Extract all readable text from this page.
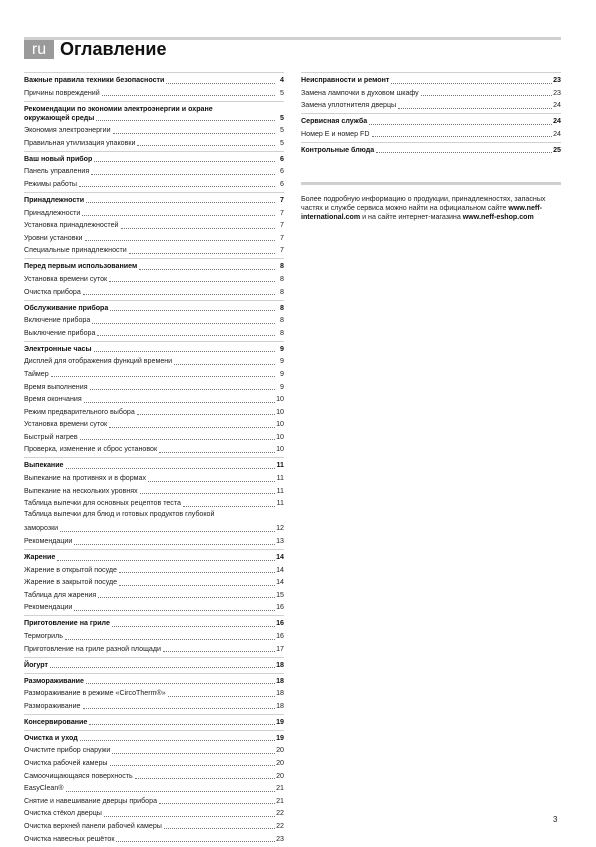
ru Оглавление
Важные правила техники безопасности	4
Причины повреждений	5
Рекомендации по экономии электроэнергии и охране
окружающей среды	5
Экономия электроэнергии	5
Правильная утилизация упаковки	5
Ваш новый прибор	6
Панель управления	6
Режимы работы	6
Принадлежности	7
Принадлежности	7
Установка принадлежностей	7
Уровни установки	7
Специальные принадлежности	7
Перед первым использованием	8
Установка времени суток	8
Очистка прибора	8
Обслуживание прибора	8
Включение прибора	8
Выключение прибора	8
Электронные часы	9
Дисплей для отображения функций времени	9
Таймер	9
Время выполнения	9
Время окончания	10
Режим предварительного выбора	10
Установка времени суток	10
Быстрый нагрев	10
Проверка, изменение и сброс установок	10
Выпекание	11
Выпекание на противнях и в формах	11
Выпекание на нескольких уровнях	11
Таблица выпечки для основных рецептов теста	11
Таблица выпечки для блюд и готовых продуктов глубокой
заморозки	12
Рекомендации	13
Жарение	14
Жарение в открытой посуде	14
Жарение в закрытой посуде	14
Таблица для жарения	15
Рекомендации	16
Приготовление на гриле	16
Термогриль	16
Приготовление на гриле разной площади	17
Йогурт	18
Размораживание	18
Размораживание в режиме «CircoTherm®»	18
Размораживание	18
Консервирование	19
Очистка и уход	19
Очистите прибор снаружи	20
Очистка рабочей камеры	20
Самоочищающаяся поверхность	20
EasyClean®	21
Снятие и навешивание дверцы прибора	21
Очистка стёкол дверцы	22
Очистка верхней панели рабочей камеры	22
Очистка навесных решёток	23
Неисправности и ремонт	23
Замена лампочки в духовом шкафу	23
Замена уплотнителя дверцы	24
Сервисная служба	24
Номер E и номер FD	24
Контрольные блюда	25
Более подробную информацию о продукции, принадлежностях, запасных частях и службе сервиса можно найти на официальном сайте www.neff-international.com и на сайте интернет-магазина www.neff-eshop.com
3
